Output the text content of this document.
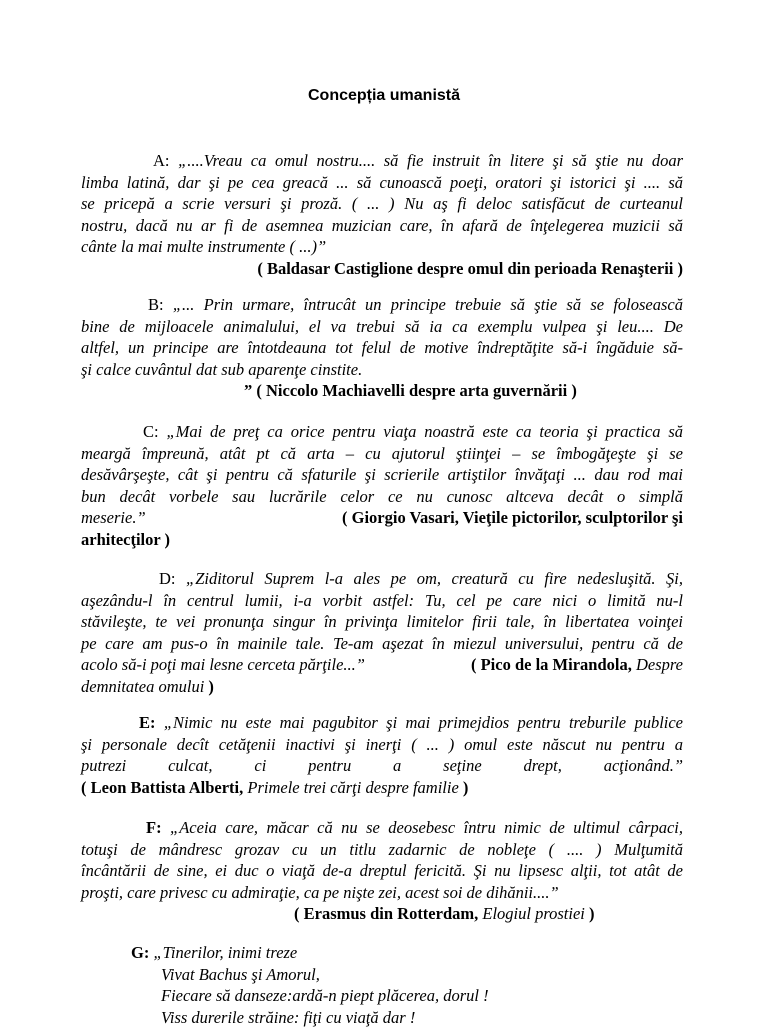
Concepția umanistă
A: „....Vreau ca omul nostru.... să fie instruit în litere şi să ştie nu doar
limba latină, dar şi pe cea greacă ... să cunoască poeţi, oratori şi istorici şi .... să
se pricepă a scrie versuri şi proză. ( ... ) Nu aş fi deloc satisfăcut de curteanul
nostru, dacă nu ar fi de asemnea muzician care, în afară de înţelegerea muzicii să
cânte la mai multe instrumente ( ...)”
( Baldasar Castiglione despre omul din perioada Renaşterii )
B: „... Prin urmare, întrucât un principe trebuie să ştie să se folosească
bine de mijloacele animalului, el va trebui să ia ca exemplu vulpea şi leu.... De
altfel, un principe are întotdeauna tot felul de motive îndreptăţite să-i îngăduie să-
şi calce cuvântul dat sub aparenţe cinstite.
” ( Niccolo Machiavelli despre arta guvernării )
C: „Mai de preţ ca orice pentru viaţa noastră este ca teoria şi practica să
meargă împreună, atât pt că arta – cu ajutorul ştiinţei – se îmbogăţeşte şi se
desăvârşeşte, cât şi pentru că sfaturile şi scrierile artiştilor învăţaţi ... dau rod mai
bun decât vorbele sau lucrările celor ce nu cunosc altceva decât o simplă
meserie.”	( Giorgio Vasari, Vieţile pictorilor, sculptorilor şi
arhitecţilor )
D: „Ziditorul Suprem l-a ales pe om, creatură cu fire nedesluşită. Şi,
aşezându-l în centrul lumii, i-a vorbit astfel: Tu, cel pe care nici o limită nu-l
stăvileşte, te vei pronunţa singur în privinţa limitelor firii tale, în libertatea voinţei
pe care am pus-o în mainile tale. Te-am aşezat în miezul universului, pentru că de
acolo să-i poţi mai lesne cerceta părţile...”	( Pico de la Mirandola, Despre
demnitatea omului )
E: „Nimic nu este mai pagubitor şi mai primejdios pentru treburile publice
şi personale decît cetăţenii inactivi şi inerţi ( ... ) omul este născut nu pentru a
putrezi culcat, ci pentru a seţine drept, acţionând.”
( Leon Battista Alberti, Primele trei cărţi despre familie )
F: „Aceia care, măcar că nu se deosebesc întru nimic de ultimul cârpaci,
totuşi de mândresc grozav cu un titlu zadarnic de nobleţe ( .... ) Mulţumită
încântării de sine, ei duc o viaţă de-a dreptul fericită. Şi nu lipsesc alţii, tot atât de
proşti, care privesc cu admiraţie, ca pe nişte zei, acest soi de dihănii....”
( Erasmus din Rotterdam, Elogiul prostiei )
G: „Tinerilor, inimi treze
Vivat Bachus şi Amorul,
Fiecare să danseze:ardă-n piept plăcerea, dorul !
Viss durerile străine: fiţi cu viaţă dar !
